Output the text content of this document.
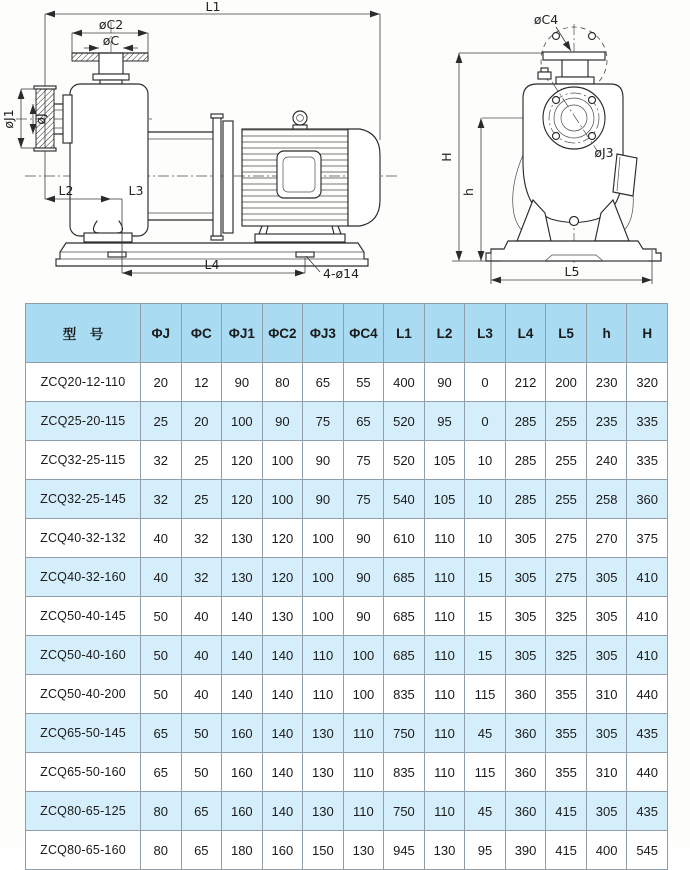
L1
øC2
øC
øJ1 øJ
L2	L3
L4
4-ø14
øJ3
øC4
H
h
L5
型　号	ΦJ	ΦC	ΦJ1	ΦC2	ΦJ3	ΦC4	L1	L2	L3	L4	L5	h	H
ZCQ20-12-110	20	12	90	80	65	55	400	90	0	212	200	230	320
ZCQ25-20-115	25	20	100	90	75	65	520	95	0	285	255	235	335
ZCQ32-25-115	32	25	120	100	90	75	520	105	10	285	255	240	335
ZCQ32-25-145	32	25	120	100	90	75	540	105	10	285	255	258	360
ZCQ40-32-132	40	32	130	120	100	90	610	110	10	305	275	270	375
ZCQ40-32-160	40	32	130	120	100	90	685	110	15	305	275	305	410
ZCQ50-40-145	50	40	140	130	100	90	685	110	15	305	325	305	410
ZCQ50-40-160	50	40	140	140	110	100	685	110	15	305	325	305	410
ZCQ50-40-200	50	40	140	140	110	100	835	110	115	360	355	310	440
ZCQ65-50-145	65	50	160	140	130	110	750	110	45	360	355	305	435
ZCQ65-50-160	65	50	160	140	130	110	835	110	115	360	355	310	440
ZCQ80-65-125	80	65	160	140	130	110	750	110	45	360	415	305	435
ZCQ80-65-160	80	65	180	160	150	130	945	130	95	390	415	400	545
